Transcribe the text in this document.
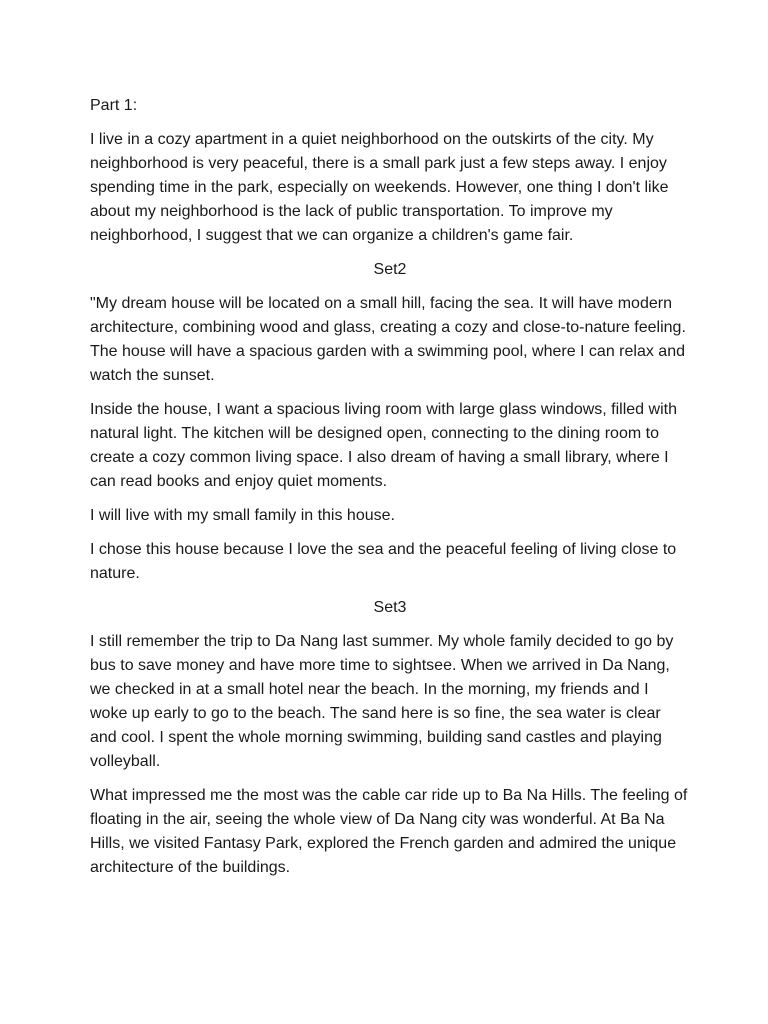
Part 1:

I live in a cozy apartment in a quiet neighborhood on the outskirts of the city. My neighborhood is very peaceful, there is a small park just a few steps away. I enjoy spending time in the park, especially on weekends. However, one thing I don't like about my neighborhood is the lack of public transportation. To improve my neighborhood, I suggest that we can organize a children's game fair.

Set2

"My dream house will be located on a small hill, facing the sea. It will have modern architecture, combining wood and glass, creating a cozy and close-to-nature feeling. The house will have a spacious garden with a swimming pool, where I can relax and watch the sunset.

Inside the house, I want a spacious living room with large glass windows, filled with natural light. The kitchen will be designed open, connecting to the dining room to create a cozy common living space. I also dream of having a small library, where I can read books and enjoy quiet moments.

I will live with my small family in this house.

I chose this house because I love the sea and the peaceful feeling of living close to nature.

Set3

I still remember the trip to Da Nang last summer. My whole family decided to go by bus to save money and have more time to sightsee. When we arrived in Da Nang, we checked in at a small hotel near the beach. In the morning, my friends and I woke up early to go to the beach. The sand here is so fine, the sea water is clear and cool. I spent the whole morning swimming, building sand castles and playing volleyball.

What impressed me the most was the cable car ride up to Ba Na Hills. The feeling of floating in the air, seeing the whole view of Da Nang city was wonderful. At Ba Na Hills, we visited Fantasy Park, explored the French garden and admired the unique architecture of the buildings.
